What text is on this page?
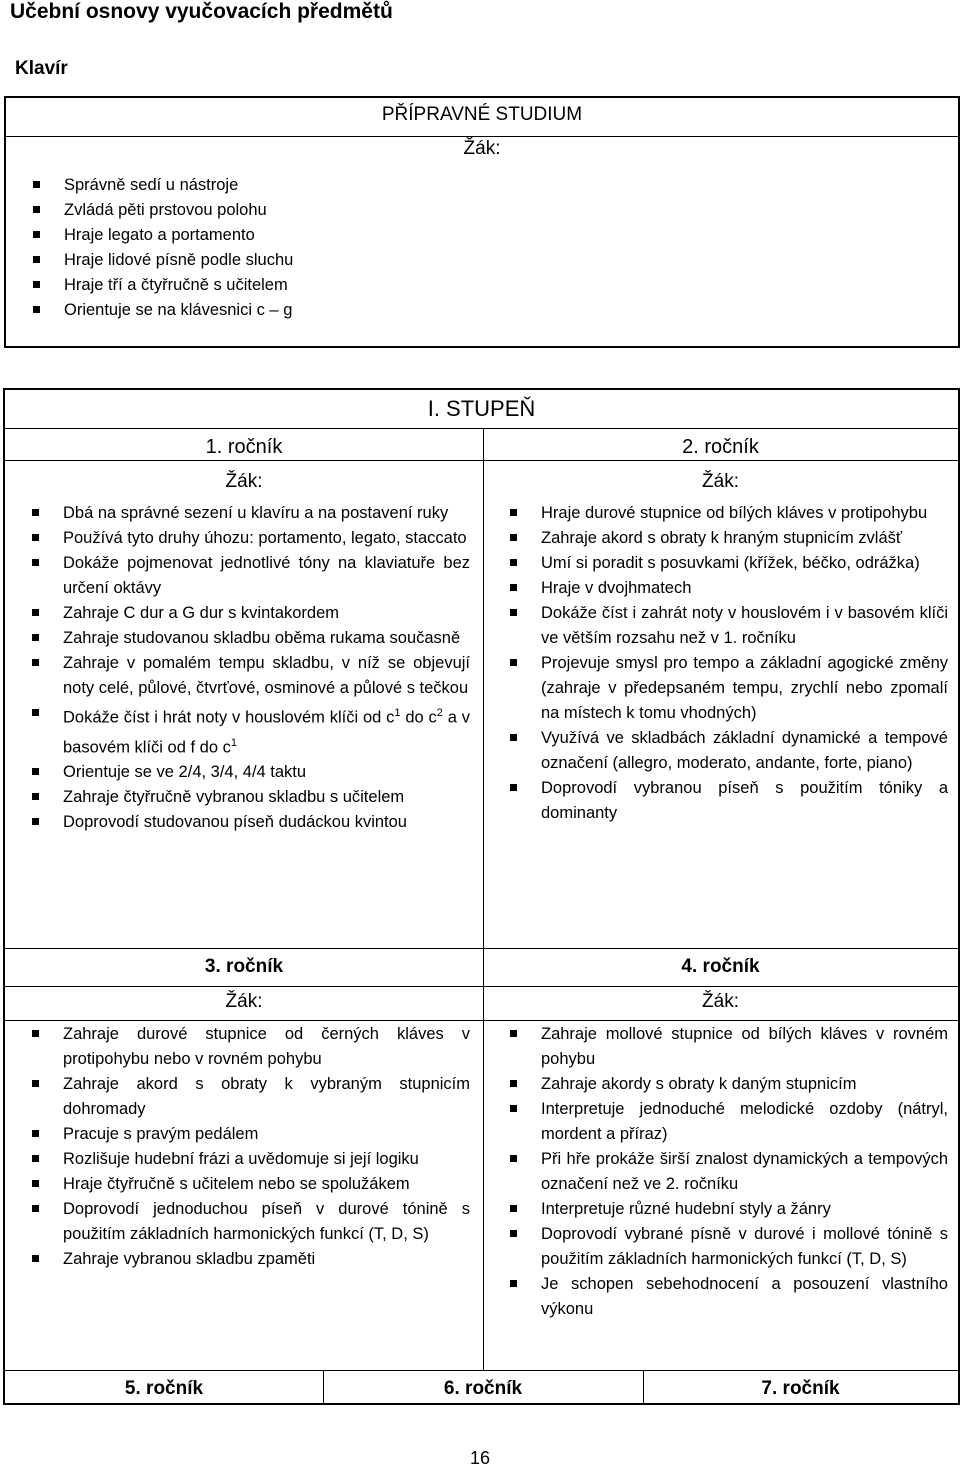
Učební osnovy vyučovacích předmětů
Klavír
PŘÍPRAVNÉ STUDIUM
Žák:
Správně sedí u nástroje
Zvládá pěti prstovou polohu
Hraje legato a portamento
Hraje lidové písně podle sluchu
Hraje tří a čtyřručně s učitelem
Orientuje se na klávesnici c – g
I. STUPEŇ
1. ročník
Žák:
Dbá na správné sezení u klavíru a na postavení ruky
Používá tyto druhy úhozu: portamento, legato, staccato
Dokáže pojmenovat jednotlivé tóny na klaviatuře bez určení oktávy
Zahraje C dur a G dur s kvintakordem
Zahraje studovanou skladbu oběma rukama současně
Zahraje v pomalém tempu skladbu, v níž se objevují noty celé, půlové, čtvrťové, osminové a půlové s tečkou
Dokáže číst i hrát noty v houslovém klíči od $c^1$ do $c^2$ a v basovém klíči od f do $c^1$
Orientuje se ve 2/4, 3/4, 4/4 taktu
Zahraje čtyřručně vybranou skladbu s učitelem
Doprovodí studovanou píseň dudáckou kvintou
2. ročník
Žák:
Hraje durové stupnice od bílých kláves v protipohybu
Zahraje akord s obraty k hraným stupnicím zvlášť
Umí si poradit s posuvkami (křížek, béčko, odrážka)
Hraje v dvojhmatech
Dokáže číst i zahrát noty v houslovém i v basovém klíči ve větším rozsahu než v 1. ročníku
Projevuje smysl pro tempo a základní agogické změny (zahraje v předepsaném tempu, zrychlí nebo zpomalí na místech k tomu vhodných)
Využívá ve skladbách základní dynamické a tempové označení (allegro, moderato, andante, forte, piano)
Doprovodí vybranou píseň s použitím tóniky a dominanty
3. ročník
Žák:
Zahraje durové stupnice od černých kláves v protipohybu nebo v rovném pohybu
Zahraje akord s obraty k vybraným stupnicím dohromady
Pracuje s pravým pedálem
Rozlišuje hudební frázi a uvědomuje si její logiku
Hraje čtyřručně s učitelem nebo se spolužákem
Doprovodí jednoduchou píseň v durové tónině s použitím základních harmonických funkcí (T, D, S)
Zahraje vybranou skladbu zpaměti
4. ročník
Žák:
Zahraje mollové stupnice od bílých kláves v rovném pohybu
Zahraje akordy s obraty k daným stupnicím
Interpretuje jednoduché melodické ozdoby (nátryl, mordent a příraz)
Při hře prokáže širší znalost dynamických a tempových označení než ve 2. ročníku
Interpretuje různé hudební styly a žánry
Doprovodí vybrané písně v durové i mollové tónině s použitím základních harmonických funkcí (T, D, S)
Je schopen sebehodnocení a posouzení vlastního výkonu
5. ročník	6. ročník	7. ročník
16
